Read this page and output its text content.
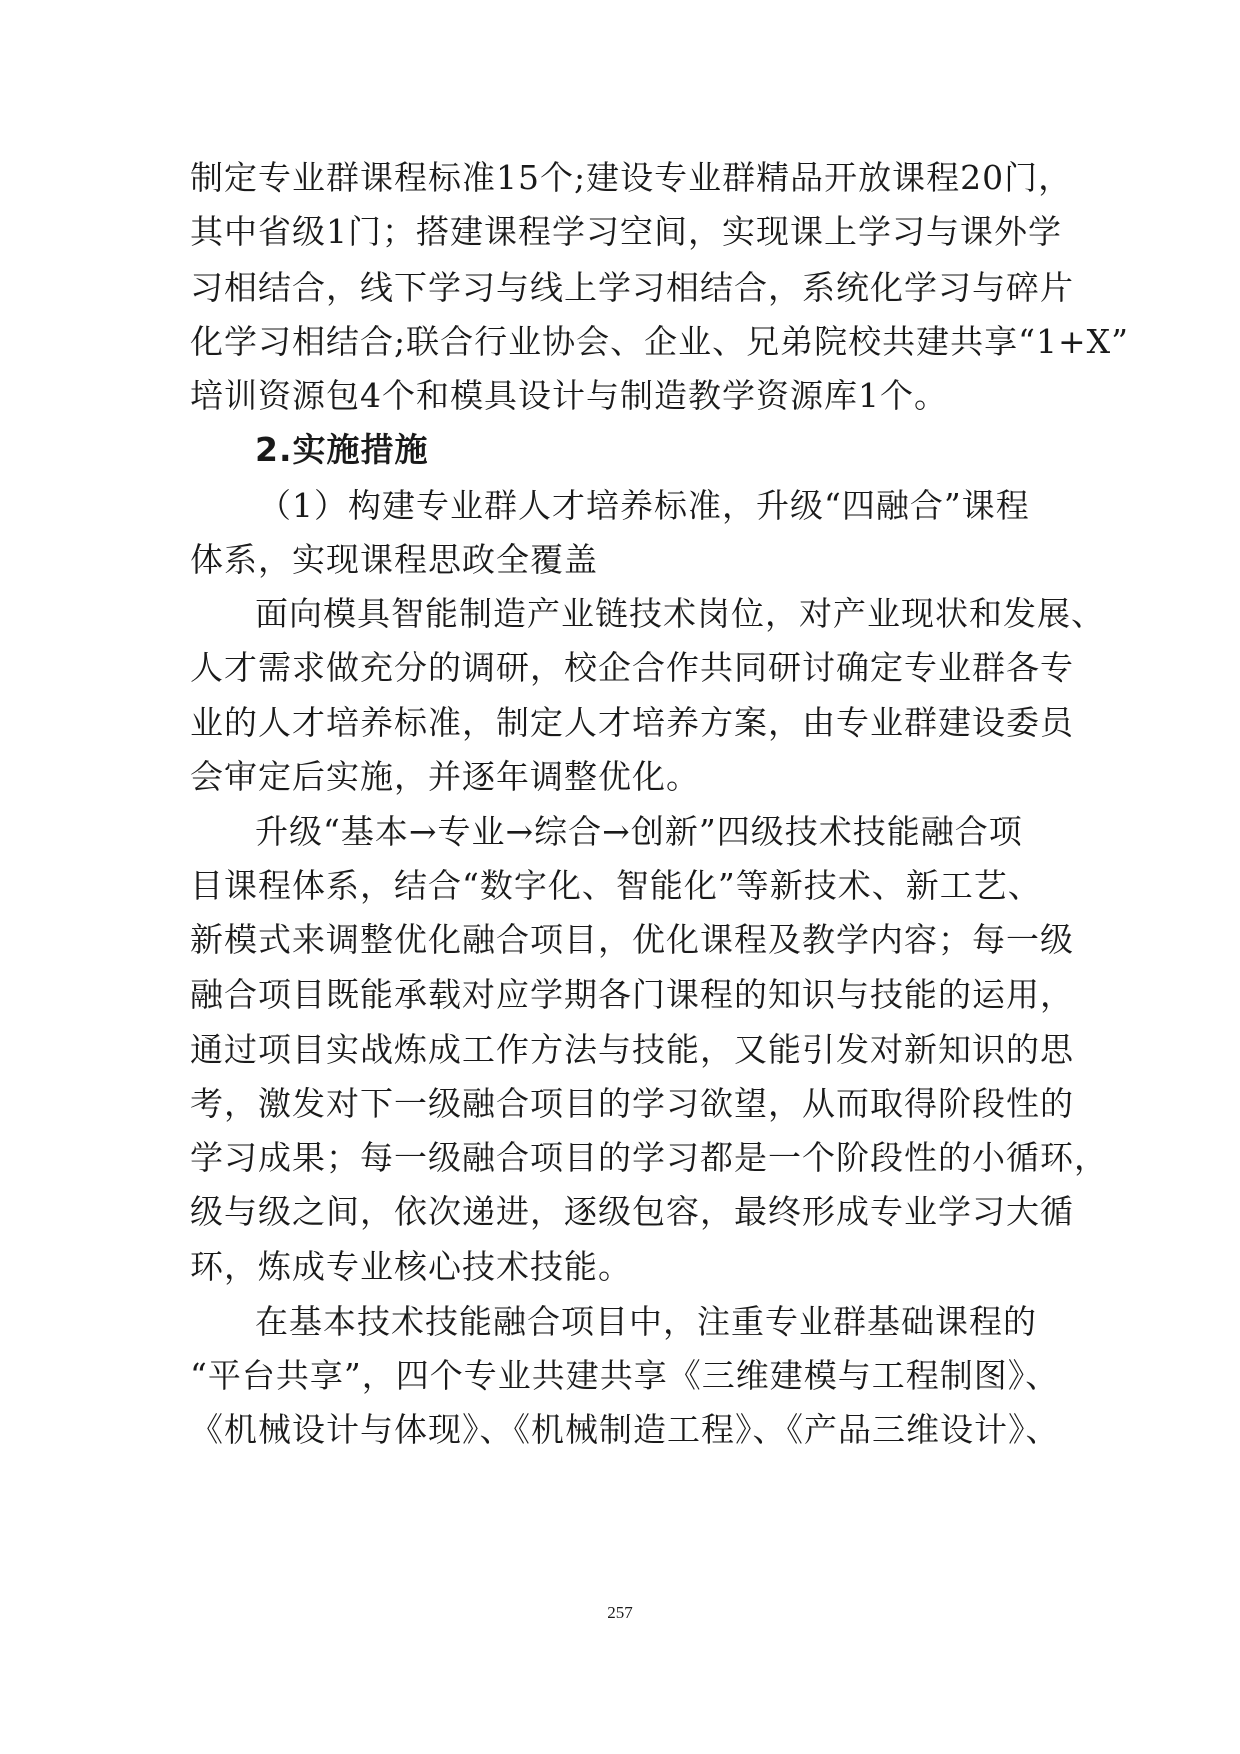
制定专业群课程标准15个;建设专业群精品开放课程20门，
其中省级1门；搭建课程学习空间，实现课上学习与课外学
习相结合，线下学习与线上学习相结合，系统化学习与碎片
化学习相结合;联合行业协会、企业、兄弟院校共建共享“1+X”
培训资源包4个和模具设计与制造教学资源库1个。
2.实施措施
（1）构建专业群人才培养标准，升级“四融合”课程
体系，实现课程思政全覆盖
面向模具智能制造产业链技术岗位，对产业现状和发展、
人才需求做充分的调研，校企合作共同研讨确定专业群各专
业的人才培养标准，制定人才培养方案，由专业群建设委员
会审定后实施，并逐年调整优化。
升级“基本→专业→综合→创新”四级技术技能融合项
目课程体系，结合“数字化、智能化”等新技术、新工艺、
新模式来调整优化融合项目，优化课程及教学内容；每一级
融合项目既能承载对应学期各门课程的知识与技能的运用，
通过项目实战炼成工作方法与技能，又能引发对新知识的思
考，激发对下一级融合项目的学习欲望，从而取得阶段性的
学习成果；每一级融合项目的学习都是一个阶段性的小循环，
级与级之间，依次递进，逐级包容，最终形成专业学习大循
环，炼成专业核心技术技能。
在基本技术技能融合项目中，注重专业群基础课程的
“平台共享”，四个专业共建共享《三维建模与工程制图》、
《机械设计与体现》、《机械制造工程》、《产品三维设计》、
257
